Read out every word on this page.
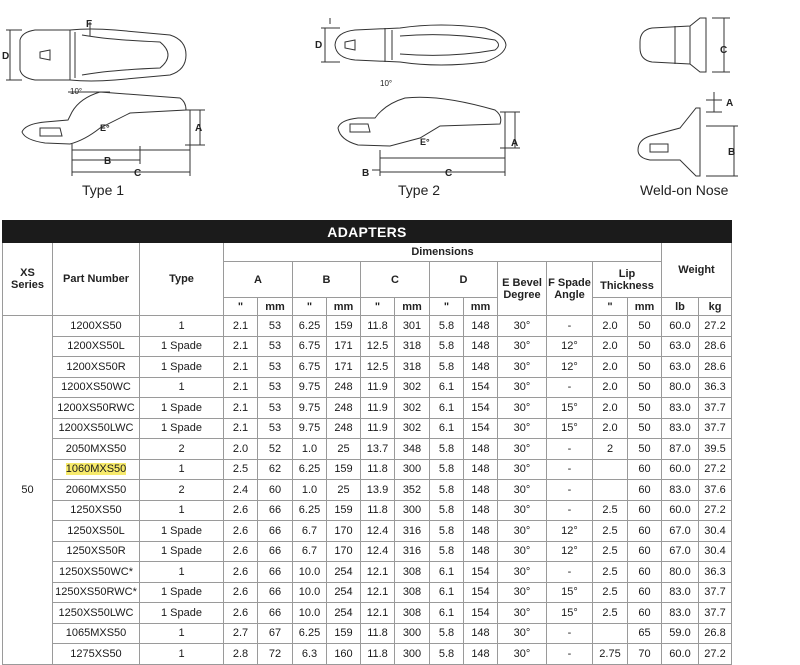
D
F
10°
E°	A
B
C
D
10°
E°	A
B	C
C
A
B
Type 1	Type 2	Weld-on Nose
ADAPTERS																
XS Series	Part Number	Type	Dimensions												Weight	
			A		B		C		D		E Bevel Degree	F Spade Angle	Lip Thickness			
			"	mm	"	mm	"	mm	"	mm			"	mm	lb	kg
50	1200XS50	1	2.1	53	6.25	159	11.8	301	5.8	148	30°	-	2.0	50	60.0	27.2
	1200XS50L	1 Spade	2.1	53	6.75	171	12.5	318	5.8	148	30°	12°	2.0	50	63.0	28.6
	1200XS50R	1 Spade	2.1	53	6.75	171	12.5	318	5.8	148	30°	12°	2.0	50	63.0	28.6
	1200XS50WC	1	2.1	53	9.75	248	11.9	302	6.1	154	30°	-	2.0	50	80.0	36.3
	1200XS50RWC	1 Spade	2.1	53	9.75	248	11.9	302	6.1	154	30°	15°	2.0	50	83.0	37.7
	1200XS50LWC	1 Spade	2.1	53	9.75	248	11.9	302	6.1	154	30°	15°	2.0	50	83.0	37.7
	2050MXS50	2	2.0	52	1.0	25	13.7	348	5.8	148	30°	-	2	50	87.0	39.5
	1060MXS50	1	2.5	62	6.25	159	11.8	300	5.8	148	30°	-		60	60.0	27.2
	2060MXS50	2	2.4	60	1.0	25	13.9	352	5.8	148	30°	-		60	83.0	37.6
	1250XS50	1	2.6	66	6.25	159	11.8	300	5.8	148	30°	-	2.5	60	60.0	27.2
	1250XS50L	1 Spade	2.6	66	6.7	170	12.4	316	5.8	148	30°	12°	2.5	60	67.0	30.4
	1250XS50R	1 Spade	2.6	66	6.7	170	12.4	316	5.8	148	30°	12°	2.5	60	67.0	30.4
	1250XS50WC*	1	2.6	66	10.0	254	12.1	308	6.1	154	30°	-	2.5	60	80.0	36.3
	1250XS50RWC*	1 Spade	2.6	66	10.0	254	12.1	308	6.1	154	30°	15°	2.5	60	83.0	37.7
	1250XS50LWC	1 Spade	2.6	66	10.0	254	12.1	308	6.1	154	30°	15°	2.5	60	83.0	37.7
	1065MXS50	1	2.7	67	6.25	159	11.8	300	5.8	148	30°	-		65	59.0	26.8
	1275XS50	1	2.8	72	6.3	160	11.8	300	5.8	148	30°	-	2.75	70	60.0	27.2
